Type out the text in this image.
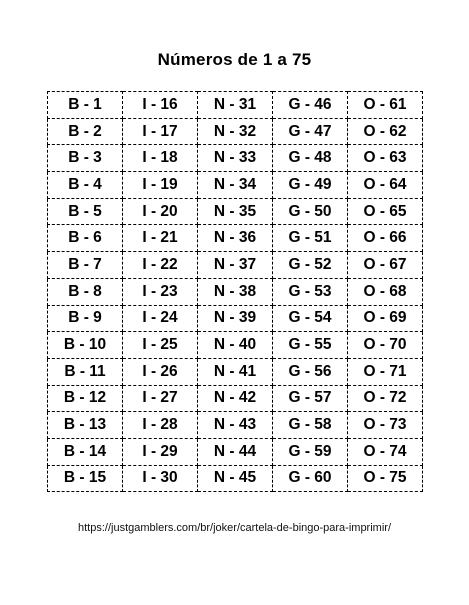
Números de 1 a 75
B - 1	I - 16	N - 31	G - 46	O - 61
B - 2	I - 17	N - 32	G - 47	O - 62
B - 3	I - 18	N - 33	G - 48	O - 63
B - 4	I - 19	N - 34	G - 49	O - 64
B - 5	I - 20	N - 35	G - 50	O - 65
B - 6	I - 21	N - 36	G - 51	O - 66
B - 7	I - 22	N - 37	G - 52	O - 67
B - 8	I - 23	N - 38	G - 53	O - 68
B - 9	I - 24	N - 39	G - 54	O - 69
B - 10	I - 25	N - 40	G - 55	O - 70
B - 11	I - 26	N - 41	G - 56	O - 71
B - 12	I - 27	N - 42	G - 57	O - 72
B - 13	I - 28	N - 43	G - 58	O - 73
B - 14	I - 29	N - 44	G - 59	O - 74
B - 15	I - 30	N - 45	G - 60	O - 75
https://justgamblers.com/br/joker/cartela-de-bingo-para-imprimir/
